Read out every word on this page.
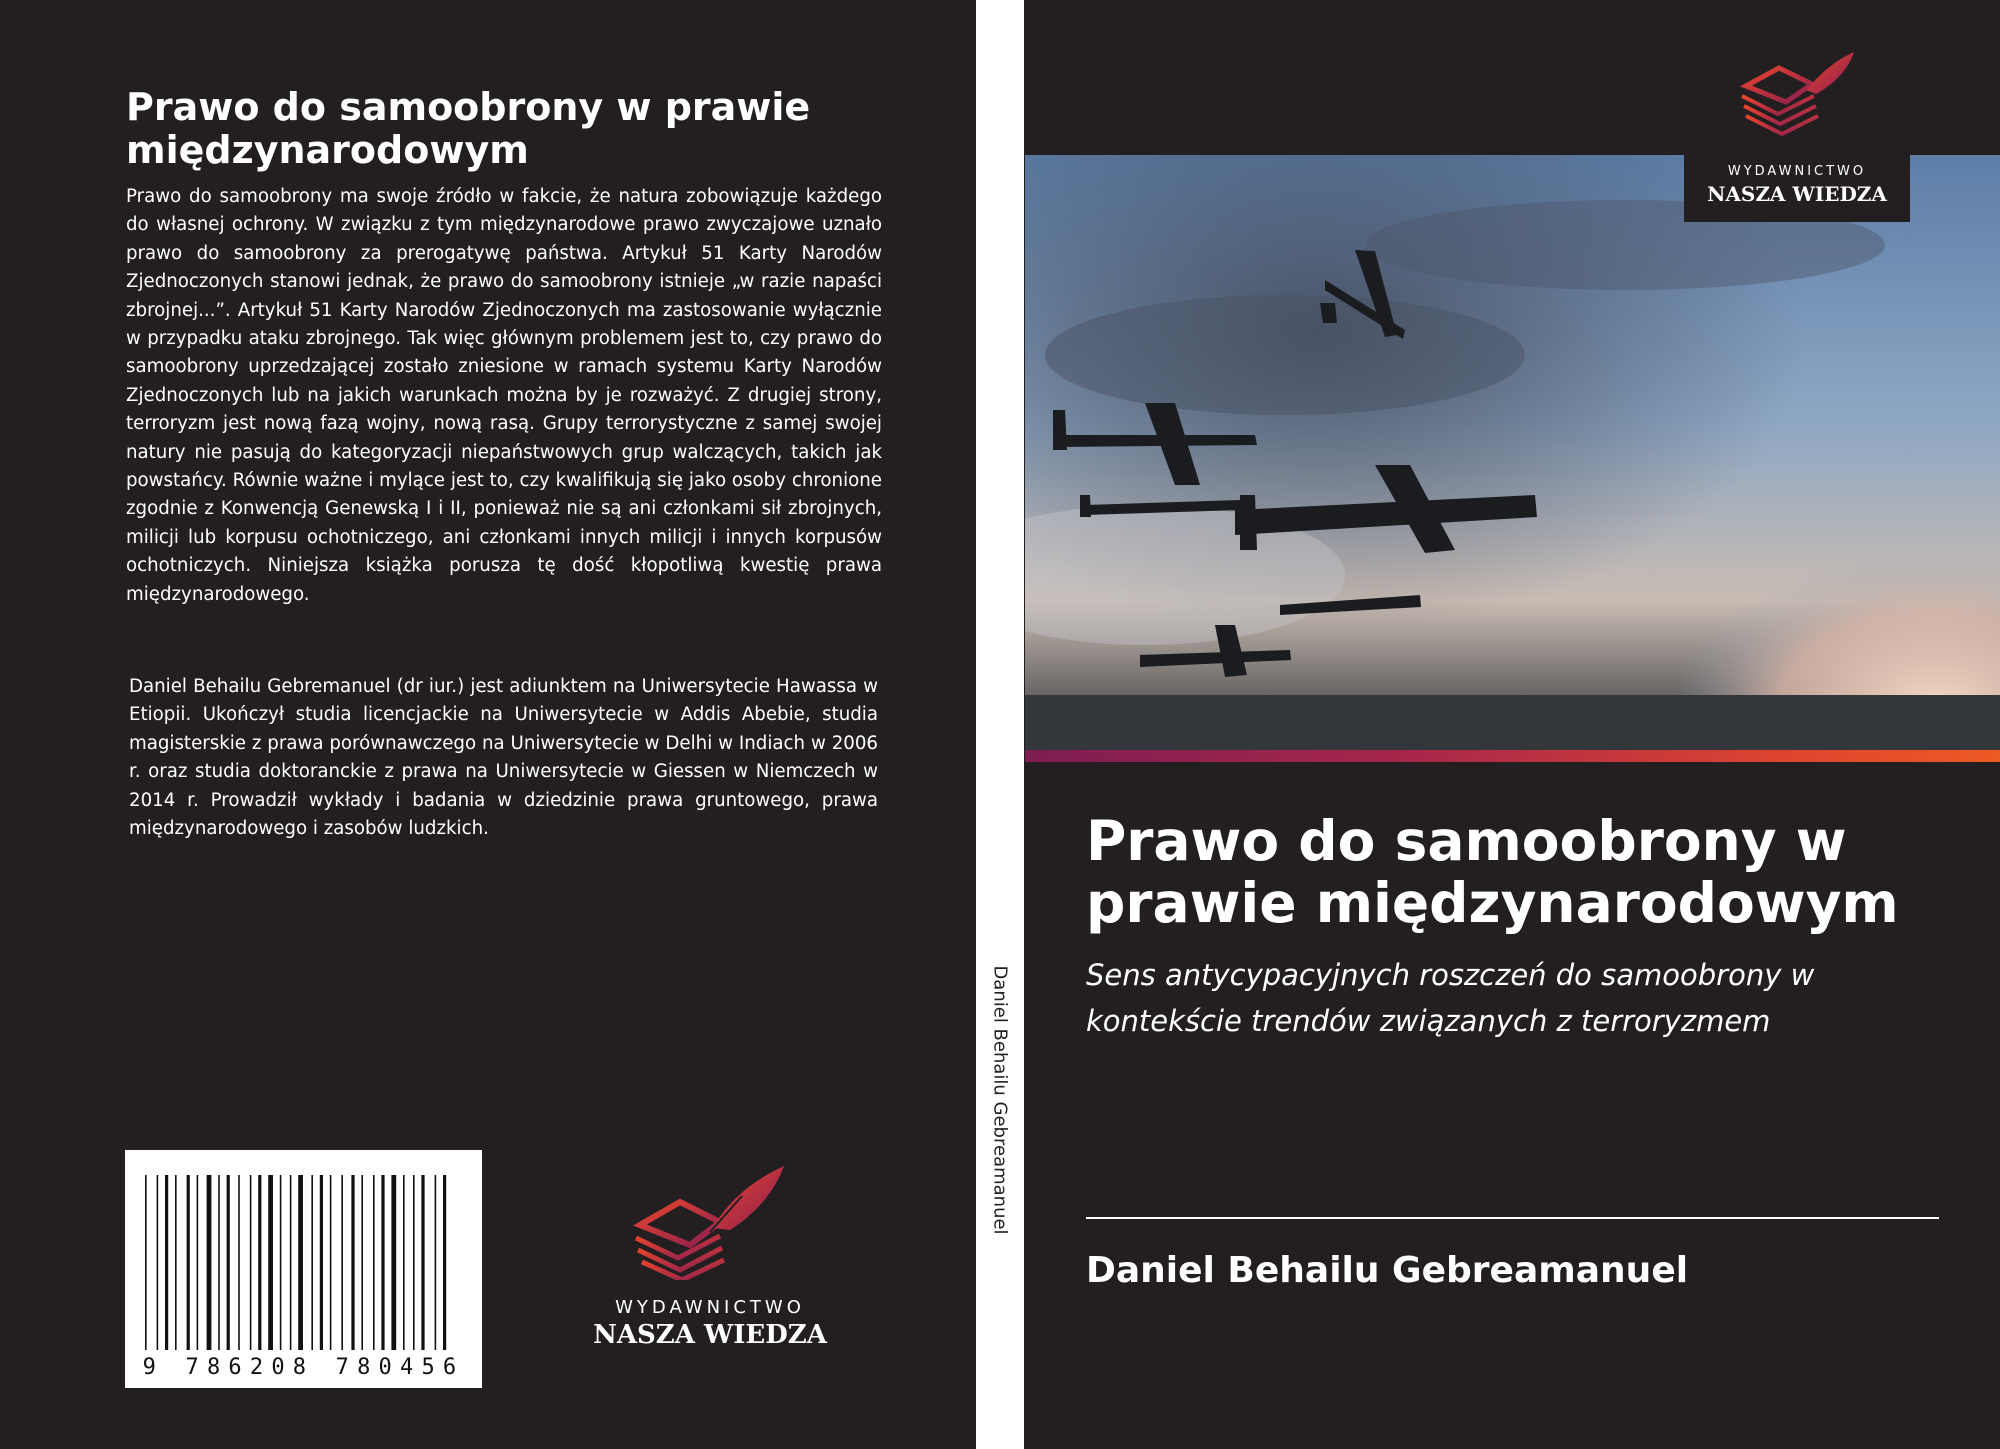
Prawo do samoobrony w prawie międzynarodowym

Prawo do samoobrony ma swoje źródło w fakcie, że natura zobowiązuje każdego do własnej ochrony. W związku z tym międzynarodowe prawo zwyczajowe uznało prawo do samoobrony za prerogatywę państwa. Artykuł 51 Karty Narodów Zjednoczonych stanowi jednak, że prawo do samoobrony istnieje „w razie napaści zbrojnej...”. Artykuł 51 Karty Narodów Zjednoczonych ma zastosowanie wyłącznie w przypadku ataku zbrojnego. Tak więc głównym problemem jest to, czy prawo do samoobrony uprzedzającej zostało zniesione w ramach systemu Karty Narodów Zjednoczonych lub na jakich warunkach można by je rozważyć. Z drugiej strony, terroryzm jest nową fazą wojny, nową rasą. Grupy terrorystyczne z samej swojej natury nie pasują do kategoryzacji niepaństwowych grup walczących, takich jak powstańcy. Równie ważne i mylące jest to, czy kwalifikują się jako osoby chronione zgodnie z Konwencją Genewską I i II, ponieważ nie są ani członkami sił zbrojnych, milicji lub korpusu ochotniczego, ani członkami innych milicji i innych korpusów ochotniczych. Niniejsza książka porusza tę dość kłopotliwą kwestię prawa międzynarodowego.

Daniel Behailu Gebremanuel (dr iur.) jest adiunktem na Uniwersytecie Hawassa w Etiopii. Ukończył studia licencjackie na Uniwersytecie w Addis Abebie, studia magisterskie z prawa porównawczego na Uniwersytecie w Delhi w Indiach w 2006 r. oraz studia doktoranckie z prawa na Uniwersytecie w Giessen w Niemczech w 2014 r. Prowadził wykłady i badania w dziedzinie prawa gruntowego, prawa międzynarodowego i zasobów ludzkich.

9 786208 780456
WYDAWNICTWO
NASZA WIEDZA
Daniel Behailu Gebreamanuel
WYDAWNICTWO
NASZA WIEDZA
Prawo do samoobrony w prawie międzynarodowym
Sens antycypacyjnych roszczeń do samoobrony w kontekście trendów związanych z terroryzmem

Daniel Behailu Gebreamanuel
